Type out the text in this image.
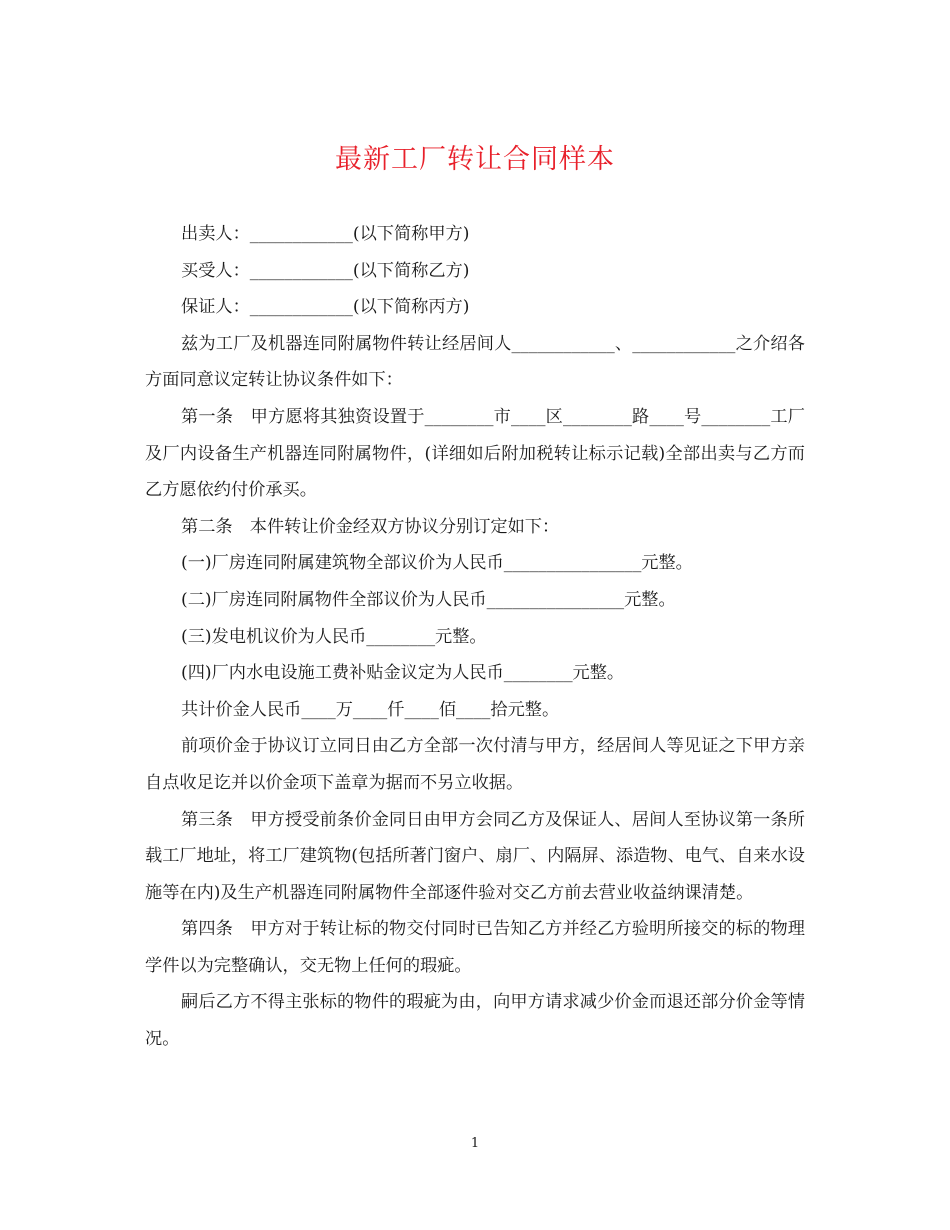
最新工厂转让合同样本

出卖人：____________(以下简称甲方)

买受人：____________(以下简称乙方)

保证人：____________(以下简称丙方)

兹为工厂及机器连同附属物件转让经居间人____________、____________之介绍各方面同意议定转让协议条件如下：

第一条　甲方愿将其独资设置于________市____区________路____号________工厂及厂内设备生产机器连同附属物件，(详细如后附加税转让标示记载)全部出卖与乙方而乙方愿依约付价承买。

第二条　本件转让价金经双方协议分别订定如下：

(一)厂房连同附属建筑物全部议价为人民币________________元整。

(二)厂房连同附属物件全部议价为人民币________________元整。

(三)发电机议价为人民币________元整。

(四)厂内水电设施工费补贴金议定为人民币________元整。

共计价金人民币____万____仟____佰____拾元整。

前项价金于协议订立同日由乙方全部一次付清与甲方，经居间人等见证之下甲方亲自点收足讫并以价金项下盖章为据而不另立收据。

第三条　甲方授受前条价金同日由甲方会同乙方及保证人、居间人至协议第一条所载工厂地址，将工厂建筑物(包括所著门窗户、扇厂、内隔屏、添造物、电气、自来水设施等在内)及生产机器连同附属物件全部逐件验对交乙方前去营业收益纳课清楚。

第四条　甲方对于转让标的物交付同时已告知乙方并经乙方验明所接交的标的物理学件以为完整确认，交无物上任何的瑕疵。

嗣后乙方不得主张标的物件的瑕疵为由，向甲方请求减少价金而退还部分价金等情况。

1
